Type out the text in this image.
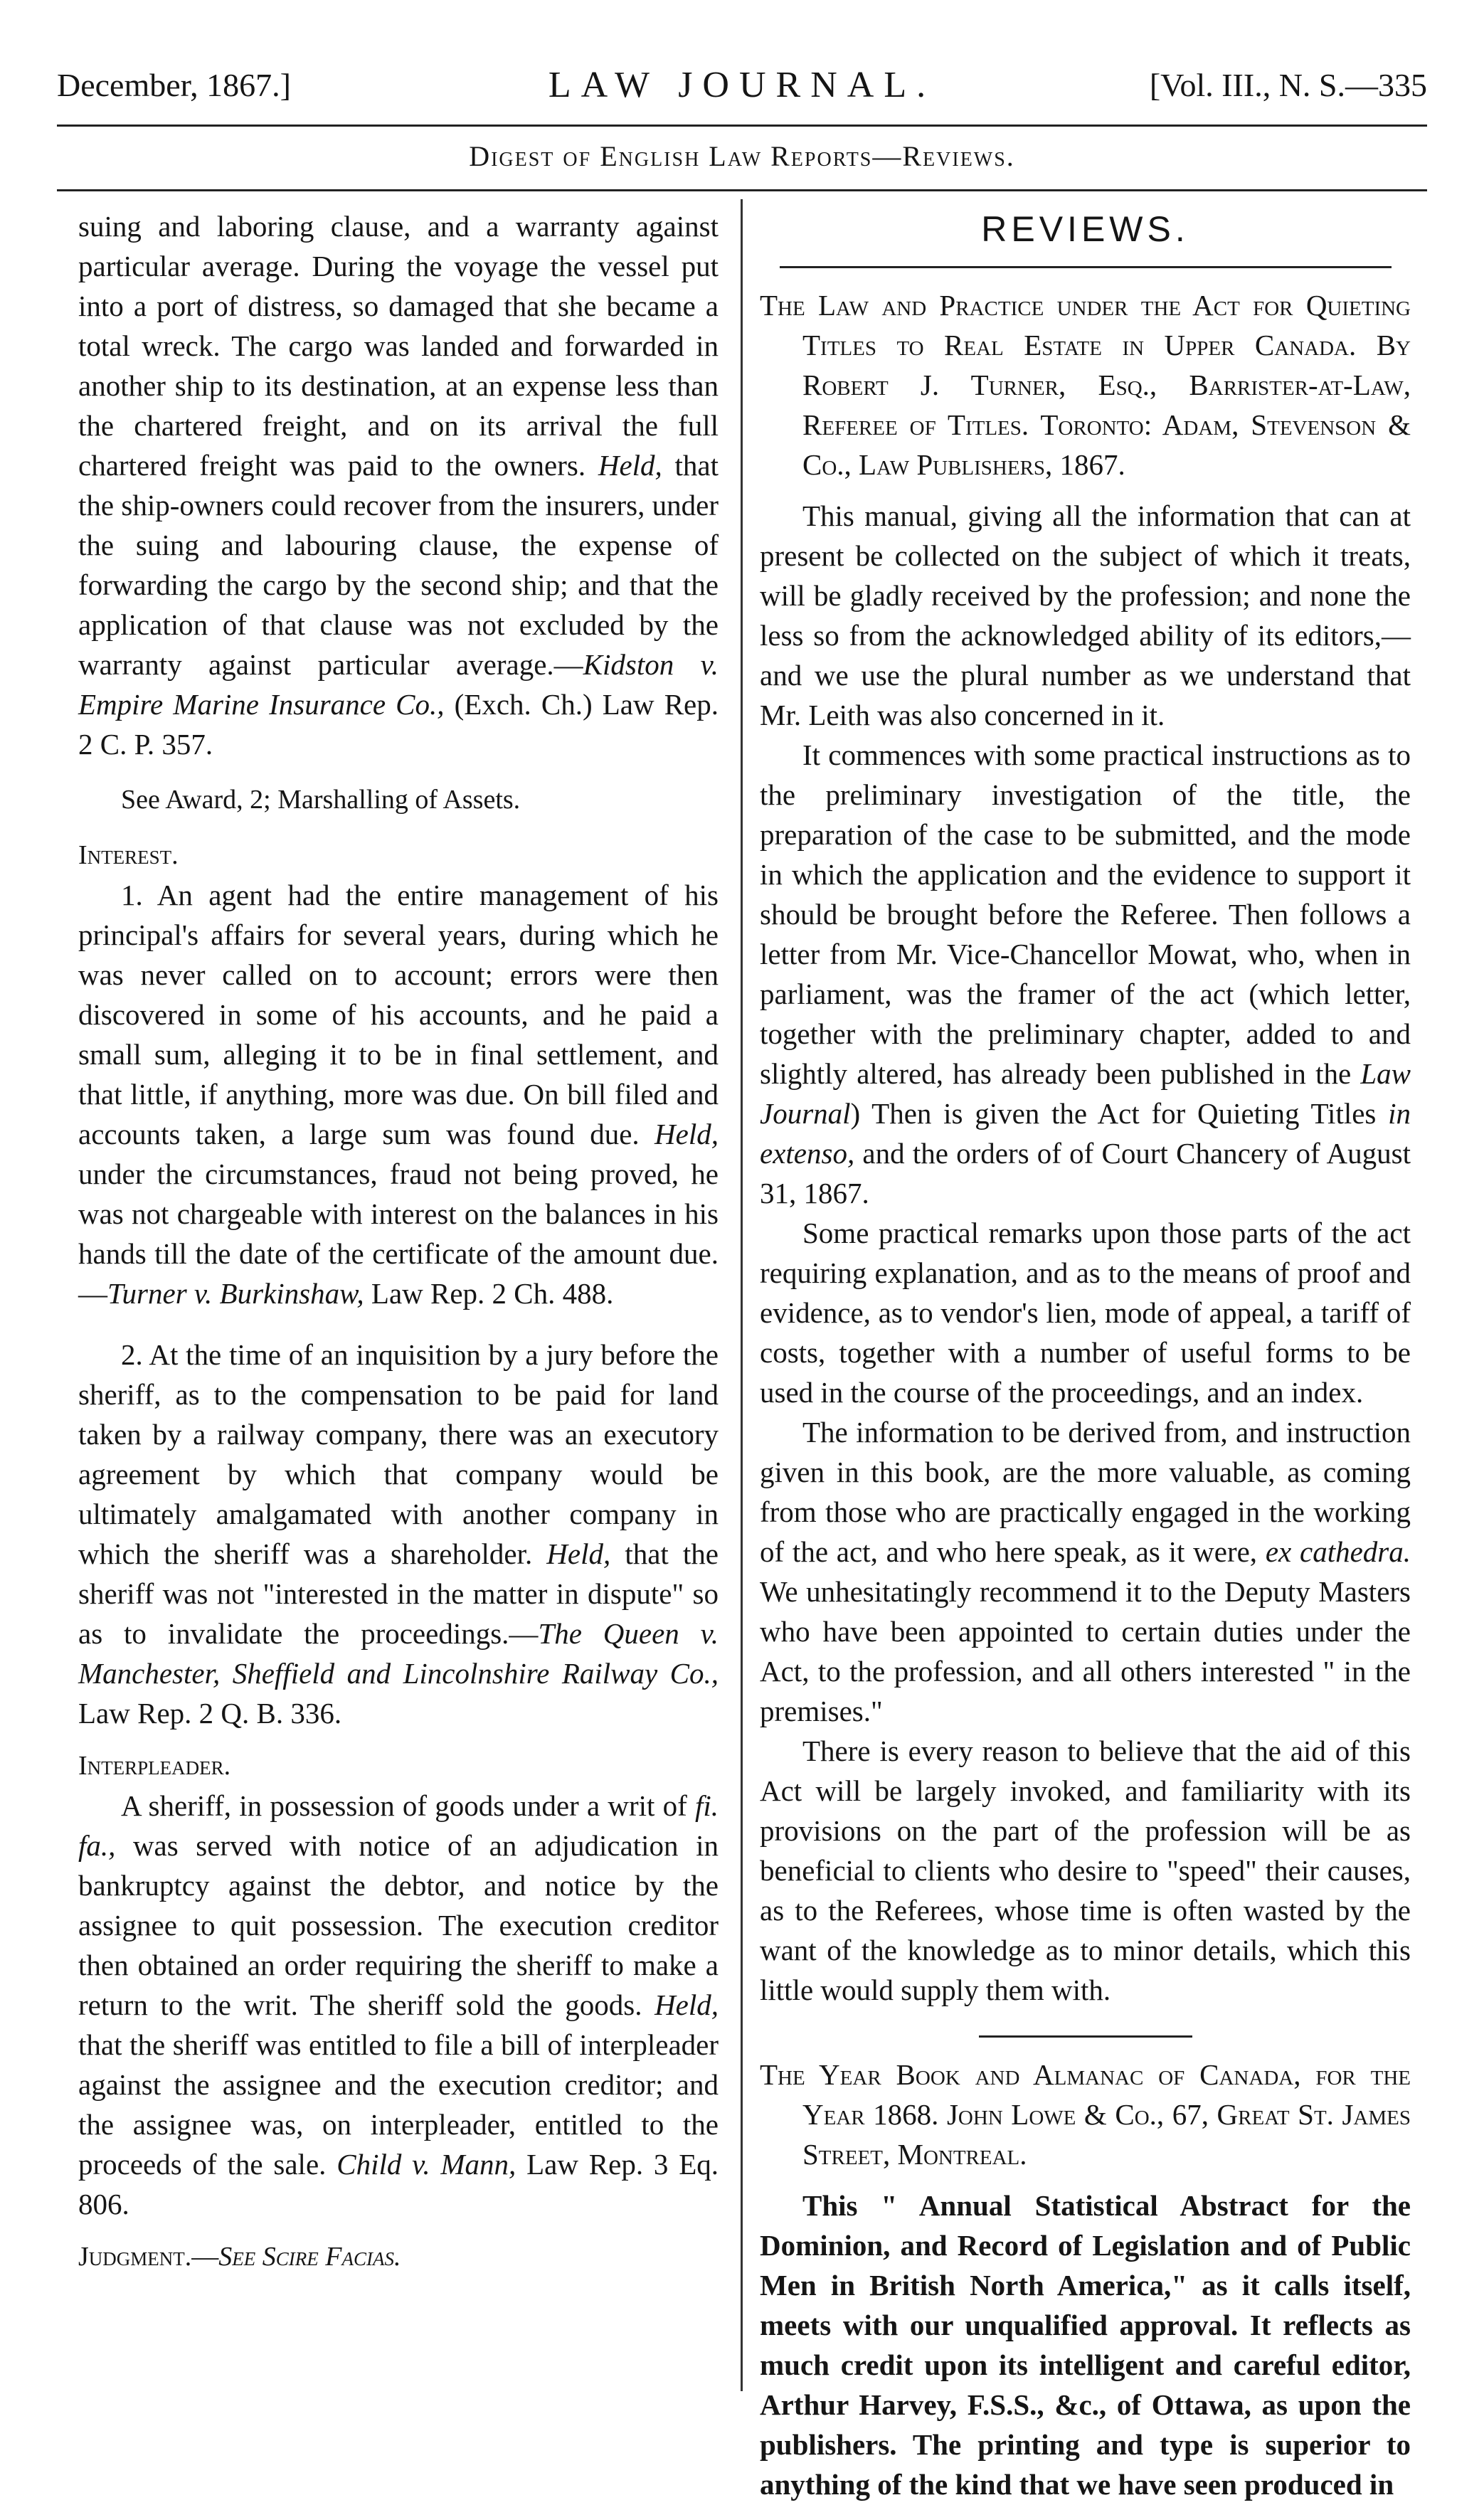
December, 1867.]	LAW JOURNAL.	[Vol. III., N. S.—335
Digest of English Law Reports—Reviews.

suing and laboring clause, and a warranty against particular average. During the voyage the vessel put into a port of distress, so damaged that she became a total wreck. The cargo was landed and forwarded in another ship to its destination, at an expense less than the chartered freight, and on its arrival the full chartered freight was paid to the owners. Held, that the ship-owners could recover from the insurers, under the suing and labouring clause, the expense of forwarding the cargo by the second ship; and that the application of that clause was not excluded by the warranty against particular average.—Kidston v. Empire Marine Insurance Co., (Exch. Ch.) Law Rep. 2 C. P. 357.

See Award, 2; Marshalling of Assets.

Interest.

1. An agent had the entire management of his principal's affairs for several years, during which he was never called on to account; errors were then discovered in some of his accounts, and he paid a small sum, alleging it to be in final settlement, and that little, if anything, more was due. On bill filed and accounts taken, a large sum was found due. Held, under the circumstances, fraud not being proved, he was not chargeable with interest on the balances in his hands till the date of the certificate of the amount due.—Turner v. Burkinshaw, Law Rep. 2 Ch. 488.

2. At the time of an inquisition by a jury before the sheriff, as to the compensation to be paid for land taken by a railway company, there was an executory agreement by which that company would be ultimately amalgamated with another company in which the sheriff was a shareholder. Held, that the sheriff was not "interested in the matter in dispute" so as to invalidate the proceedings.—The Queen v. Manchester, Sheffield and Lincolnshire Railway Co., Law Rep. 2 Q. B. 336.

Interpleader.

A sheriff, in possession of goods under a writ of fi. fa., was served with notice of an adjudication in bankruptcy against the debtor, and notice by the assignee to quit possession. The execution creditor then obtained an order requiring the sheriff to make a return to the writ. The sheriff sold the goods. Held, that the sheriff was entitled to file a bill of interpleader against the assignee and the execution creditor; and the assignee was, on interpleader, entitled to the proceeds of the sale. Child v. Mann, Law Rep. 3 Eq. 806.

Judgment.—See Scire Facias.

REVIEWS.

The Law and Practice under the Act for Quieting Titles to Real Estate in Upper Canada. By Robert J. Turner, Esq., Barrister-at-Law, Referee of Titles. Toronto: Adam, Stevenson & Co., Law Publishers, 1867.

This manual, giving all the information that can at present be collected on the subject of which it treats, will be gladly received by the profession; and none the less so from the acknowledged ability of its editors,—and we use the plural number as we understand that Mr. Leith was also concerned in it.

It commences with some practical instructions as to the preliminary investigation of the title, the preparation of the case to be submitted, and the mode in which the application and the evidence to support it should be brought before the Referee. Then follows a letter from Mr. Vice-Chancellor Mowat, who, when in parliament, was the framer of the act (which letter, together with the preliminary chapter, added to and slightly altered, has already been published in the Law Journal) Then is given the Act for Quieting Titles in extenso, and the orders of of Court Chancery of August 31, 1867.

Some practical remarks upon those parts of the act requiring explanation, and as to the means of proof and evidence, as to vendor's lien, mode of appeal, a tariff of costs, together with a number of useful forms to be used in the course of the proceedings, and an index.

The information to be derived from, and instruction given in this book, are the more valuable, as coming from those who are practically engaged in the working of the act, and who here speak, as it were, ex cathedra. We unhesitatingly recommend it to the Deputy Masters who have been appointed to certain duties under the Act, to the profession, and all others interested " in the premises."

There is every reason to believe that the aid of this Act will be largely invoked, and familiarity with its provisions on the part of the profession will be as beneficial to clients who desire to "speed" their causes, as to the Referees, whose time is often wasted by the want of the knowledge as to minor details, which this little would supply them with.

The Year Book and Almanac of Canada, for the Year 1868. John Lowe & Co., 67, Great St. James Street, Montreal.

This " Annual Statistical Abstract for the Dominion, and Record of Legislation and of Public Men in British North America," as it calls itself, meets with our unqualified approval. It reflects as much credit upon its intelligent and careful editor, Arthur Harvey, F.S.S., &c., of Ottawa, as upon the publishers. The printing and type is superior to anything of the kind that we have seen produced in
